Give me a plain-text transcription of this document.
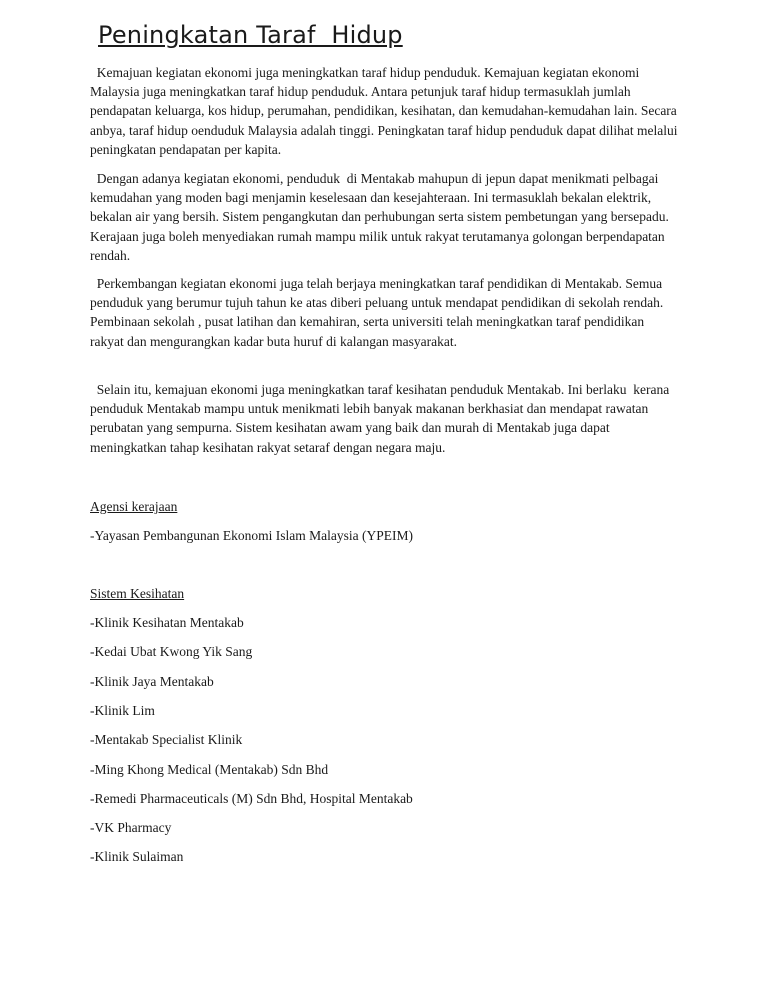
Peningkatan Taraf  Hidup

Kemajuan kegiatan ekonomi juga meningkatkan taraf hidup penduduk. Kemajuan kegiatan ekonomi Malaysia juga meningkatkan taraf hidup penduduk. Antara petunjuk taraf hidup termasuklah jumlah pendapatan keluarga, kos hidup, perumahan, pendidikan, kesihatan, dan kemudahan-kemudahan lain. Secara anbya, taraf hidup oenduduk Malaysia adalah tinggi. Peningkatan taraf hidup penduduk dapat dilihat melalui peningkatan pendapatan per kapita.

Dengan adanya kegiatan ekonomi, penduduk  di Mentakab mahupun di jepun dapat menikmati pelbagai kemudahan yang moden bagi menjamin keselesaan dan kesejahteraan. Ini termasuklah bekalan elektrik, bekalan air yang bersih. Sistem pengangkutan dan perhubungan serta sistem pembetungan yang bersepadu. Kerajaan juga boleh menyediakan rumah mampu milik untuk rakyat terutamanya golongan berpendapatan rendah.

Perkembangan kegiatan ekonomi juga telah berjaya meningkatkan taraf pendidikan di Mentakab. Semua penduduk yang berumur tujuh tahun ke atas diberi peluang untuk mendapat pendidikan di sekolah rendah. Pembinaan sekolah , pusat latihan dan kemahiran, serta universiti telah meningkatkan taraf pendidikan rakyat dan mengurangkan kadar buta huruf di kalangan masyarakat.

Selain itu, kemajuan ekonomi juga meningkatkan taraf kesihatan penduduk Mentakab. Ini berlaku  kerana penduduk Mentakab mampu untuk menikmati lebih banyak makanan berkhasiat dan mendapat rawatan perubatan yang sempurna. Sistem kesihatan awam yang baik dan murah di Mentakab juga dapat meningkatkan tahap kesihatan rakyat setaraf dengan negara maju.

Agensi kerajaan

-Yayasan Pembangunan Ekonomi Islam Malaysia (YPEIM)

Sistem Kesihatan

-Klinik Kesihatan Mentakab

-Kedai Ubat Kwong Yik Sang

-Klinik Jaya Mentakab

-Klinik Lim

-Mentakab Specialist Klinik

-Ming Khong Medical (Mentakab) Sdn Bhd

-Remedi Pharmaceuticals (M) Sdn Bhd, Hospital Mentakab

-VK Pharmacy

-Klinik Sulaiman
